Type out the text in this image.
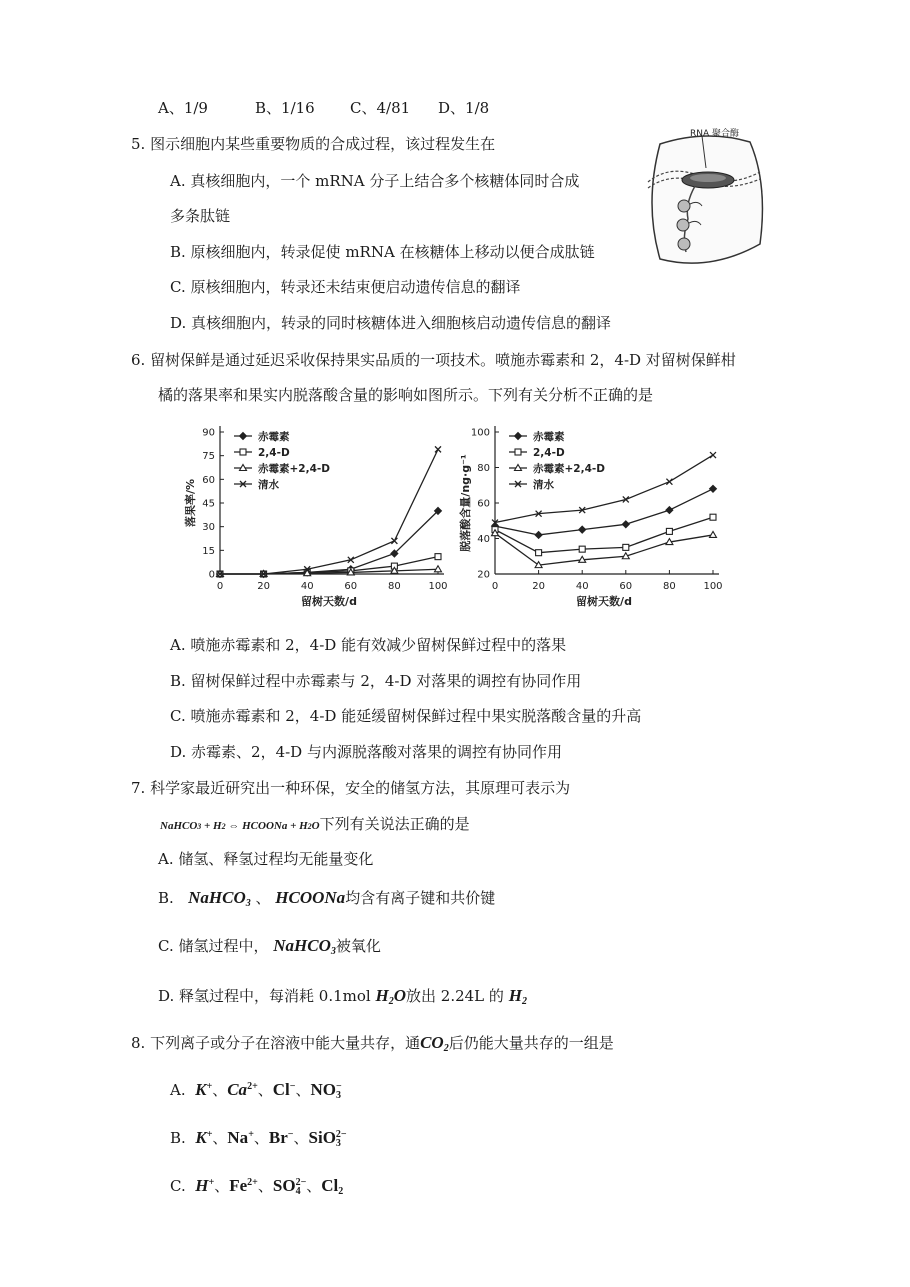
A、1/9	B、1/16 C、4/81 D、1/8
5. 图示细胞内某些重要物质的合成过程，该过程发生在
A. 真核细胞内，一个 mRNA 分子上结合多个核糖体同时合成
多条肽链
B. 原核细胞内，转录促使 mRNA 在核糖体上移动以便合成肽链
C. 原核细胞内，转录还未结束便启动遗传信息的翻译
D. 真核细胞内，转录的同时核糖体进入细胞核启动遗传信息的翻译
RNA 聚合酶
6. 留树保鲜是通过延迟采收保持果实品质的一项技术。喷施赤霉素和 2，4-D 对留树保鲜柑
橘的落果率和果实内脱落酸含量的影响如图所示。下列有关分析不正确的是
0
15
30
45
60
75
90
0	20	40	60	80	100
留树天数/d
落果率/%
赤霉素
2,4-D
赤霉素+2,4-D
清水
20
40
60
80
100
0	20	40	60	80	100
留树天数/d
脱落酸含量/ng·g⁻¹
赤霉素
2,4-D
赤霉素+2,4-D
清水
A. 喷施赤霉素和 2，4-D 能有效减少留树保鲜过程中的落果
B. 留树保鲜过程中赤霉素与 2，4-D 对落果的调控有协同作用
C. 喷施赤霉素和 2，4-D 能延缓留树保鲜过程中果实脱落酸含量的升高
D. 赤霉素、2，4-D 与内源脱落酸对落果的调控有协同作用
7. 科学家最近研究出一种环保，安全的储氢方法，其原理可表示为
NaHCO3 + H2 ⇔ HCOONa + H2O下列有关说法正确的是
A. 储氢、释氢过程均无能量变化
B. NaHCO$_3$ 、 HCOONa均含有离子键和共价键
C. 储氢过程中， NaHCO$_3$被氧化
D. 释氢过程中，每消耗 0.1mol $H_2O$放出 2.24L 的 $H_2$
8. 下列离子或分子在溶液中能大量共存，通$CO_2$后仍能大量共存的一组是
A. K+、$Ca^{2+}$、Cl−、$NO_3^-$
B. K+、Na+、Br−、SiO$_3^{2-}$
C. H+、$Fe^{2+}$、$SO_4^{2-}$、$Cl_2$
